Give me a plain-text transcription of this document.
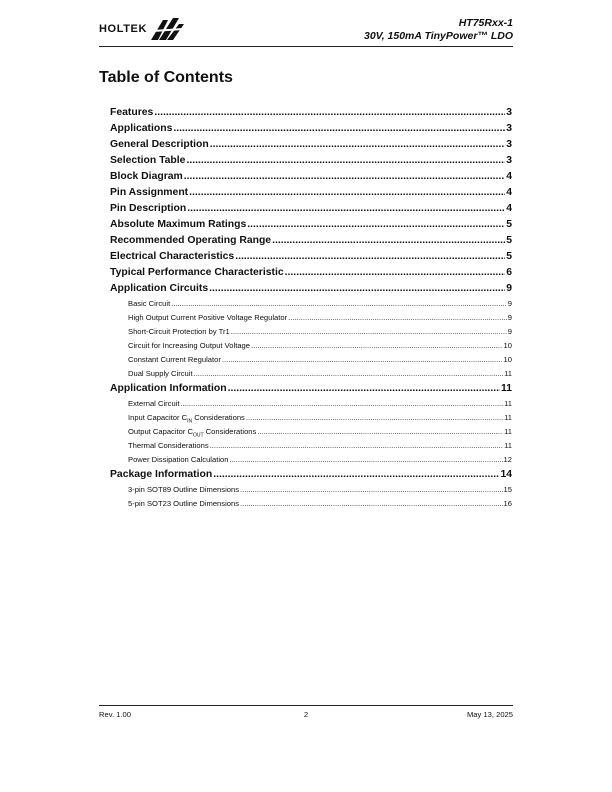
HOLTEK	HT75Rxx-1
30V, 150mA TinyPower™ LDO
Table of Contents
Features .....	3
Applications .....	3
General Description .....	3
Selection Table .....	3
Block Diagram .....	4
Pin Assignment .....	4
Pin Description .....	4
Absolute Maximum Ratings .....	5
Recommended Operating Range .....	5
Electrical Characteristics .....	5
Typical Performance Characteristic .....	6
Application Circuits .....	9
Basic Circuit .....	9
High Output Current Positive Voltage Regulator .....	9
Short-Circuit Protection by Tr1 .....	9
Circuit for Increasing Output Voltage .....	10
Constant Current Regulator .....	10
Dual Supply Circuit .....	11
Application Information .....	11
External Circuit .....	11
Input Capacitor $C_{IN}$ Considerations .....	11
Output Capacitor $C_{OUT}$ Considerations .....	11
Thermal Considerations .....	11
Power Dissipation Calculation .....	12
Package Information .....	14
3-pin SOT89 Outline Dimensions .....	15
5-pin SOT23 Outline Dimensions .....	16
Rev. 1.00	2	May 13, 2025
